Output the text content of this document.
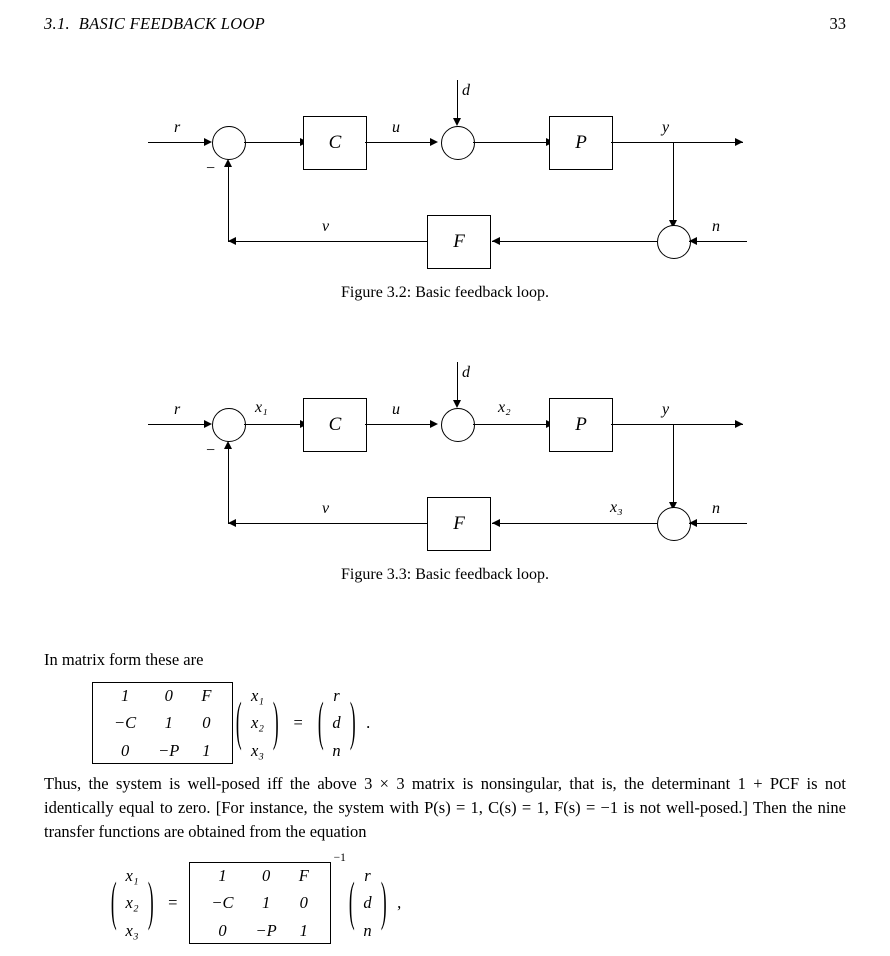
3.1.  BASIC FEEDBACK LOOP	33
r
−
C
u
d
P
y
n
F
v
Figure 3.2: Basic feedback loop.
r
−
x₁
C
u
d
x₂
P
y
n
x₃
F
v
Figure 3.3: Basic feedback loop.
In matrix form these are
1	0	F
−C	1	0
0	−P	1 ( x₁
x₂
x₃ ) = ( r
d
n ) .
Thus, the system is well-posed iff the above 3 × 3 matrix is nonsingular, that is, the determinant 1 + PCF is not identically equal to zero. [For instance, the system with P(s) = 1, C(s) = 1, F(s) = −1 is not well-posed.] Then the nine transfer functions are obtained from the equation
( x₁
x₂
x₃ ) =
1	0	F
−C	1	0
0	−P	1
−1
( r
d
n ) ,
